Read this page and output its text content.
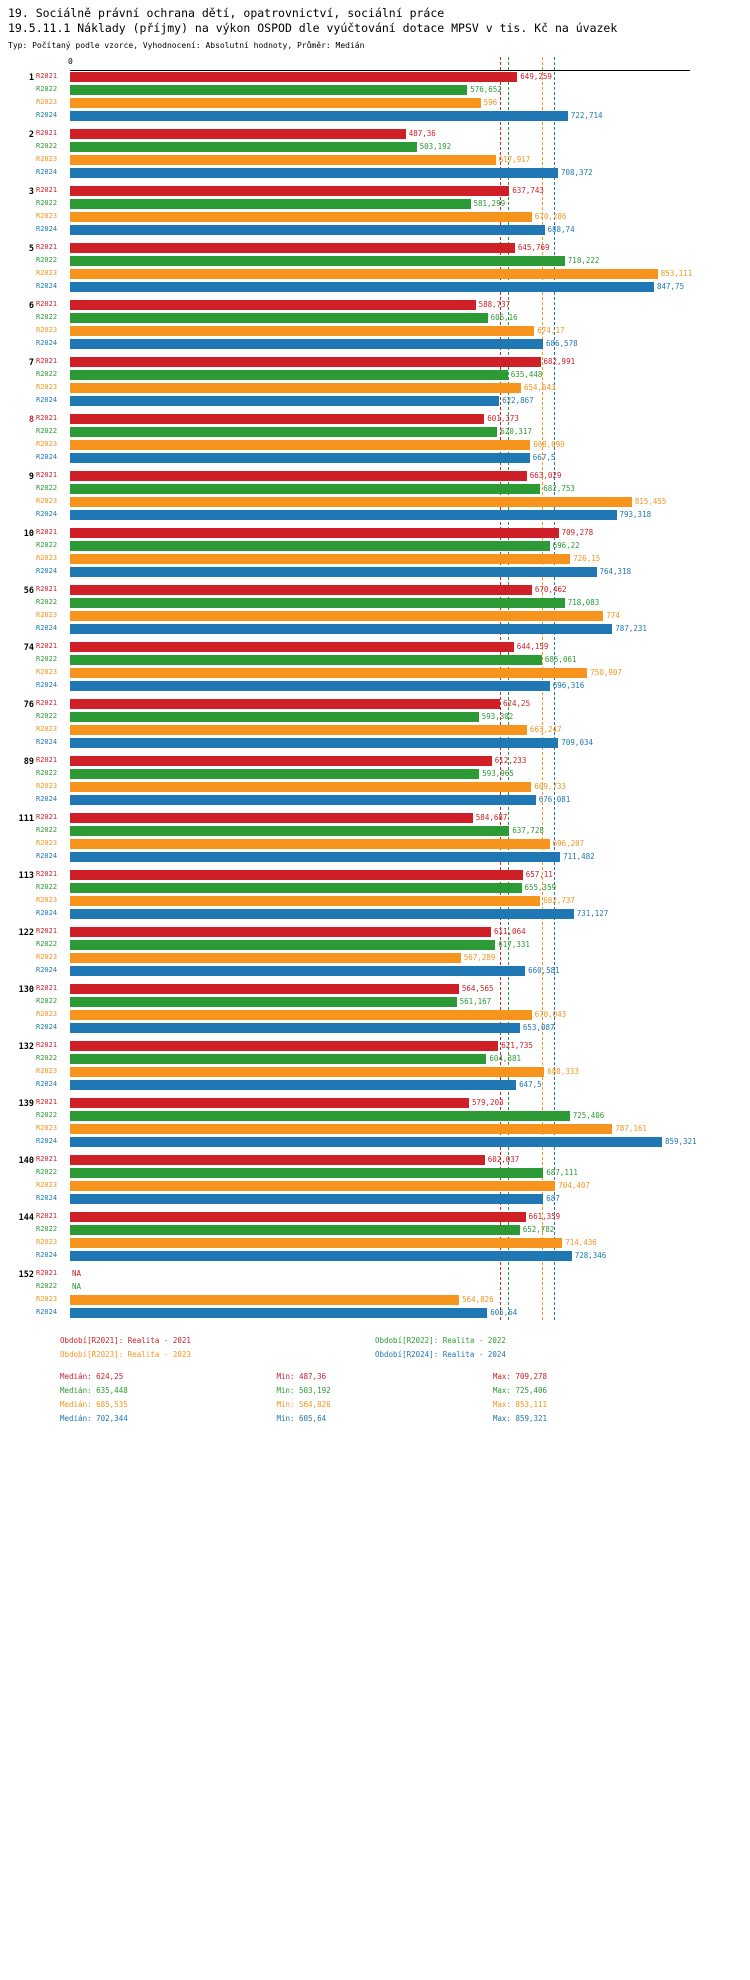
19. Sociálně právní ochrana dětí, opatrovnictví, sociální práce
19.5.11.1 Náklady (příjmy) na výkon OSPOD dle vyúčtování dotace MPSV v tis. Kč na úvazek
Typ: Počítaný podle vzorce, Vyhodnocení: Absolutní hodnoty, Průměr: Medián
0
1 R2021	649,259
R2022	576,652
R2023	596
R2024	722,714
2 R2021	487,36
R2022	503,192
R2023	617,917
R2024	708,372
3 R2021	637,743
R2022	581,299
R2023	670,286
R2024	688,74
5 R2021	645,769
R2022	718,222
R2023	853,111
R2024	847,75
6 R2021	588,737
R2022	606,16
R2023	674,17
R2024	686,578
7 R2021	682,991
R2022	635,448
R2023	654,643
R2024	622,867
8 R2021	601,373
R2022	620,317
R2023	668,099
R2024	667,5
9 R2021	663,029
R2022	682,753
R2023	815,455
R2024	793,318
10 R2021	709,278
R2022	696,22
R2023	726,15
R2024	764,318
56 R2021	670,462
R2022	718,083
R2023	774
R2024	787,231
74 R2021	644,159
R2022	685,061
R2023	750,907
R2024	696,316
76 R2021	624,25
R2022	593,302
R2023	663,247
R2024	709,034
89 R2021	612,233
R2022	593,965
R2023	669,733
R2024	676,081
111 R2021	584,687
R2022	637,728
R2023	696,207
R2024	711,482
113 R2021	657,11
R2022	655,359
R2023	682,737
R2024	731,127
122 R2021	611,064
R2022	617,331
R2023	567,289
R2024	660,581
130 R2021	564,565
R2022	561,167
R2023	670,043
R2024	653,087
132 R2021	621,735
R2022	604,381
R2023	688,333
R2024	647,5
139 R2021	579,203
R2022	725,406
R2023	787,161
R2024	859,321
140 R2021	602,037
R2022	687,111
R2023	704,407
R2024	687
144 R2021	661,359
R2022	652,782
R2023	714,436
R2024	728,346
152 R2021	NA
R2022	NA
R2023	564,826
R2024	605,64
Období[R2021]: Realita - 2021	Období[R2022]: Realita - 2022
Období[R2023]: Realita - 2023	Období[R2024]: Realita - 2024
Medián: 624,25	Min: 487,36	Max: 709,278
Medián: 635,448	Min: 503,192	Max: 725,406
Medián: 685,535	Min: 564,826	Max: 853,111
Medián: 702,344	Min: 605,64	Max: 859,321
